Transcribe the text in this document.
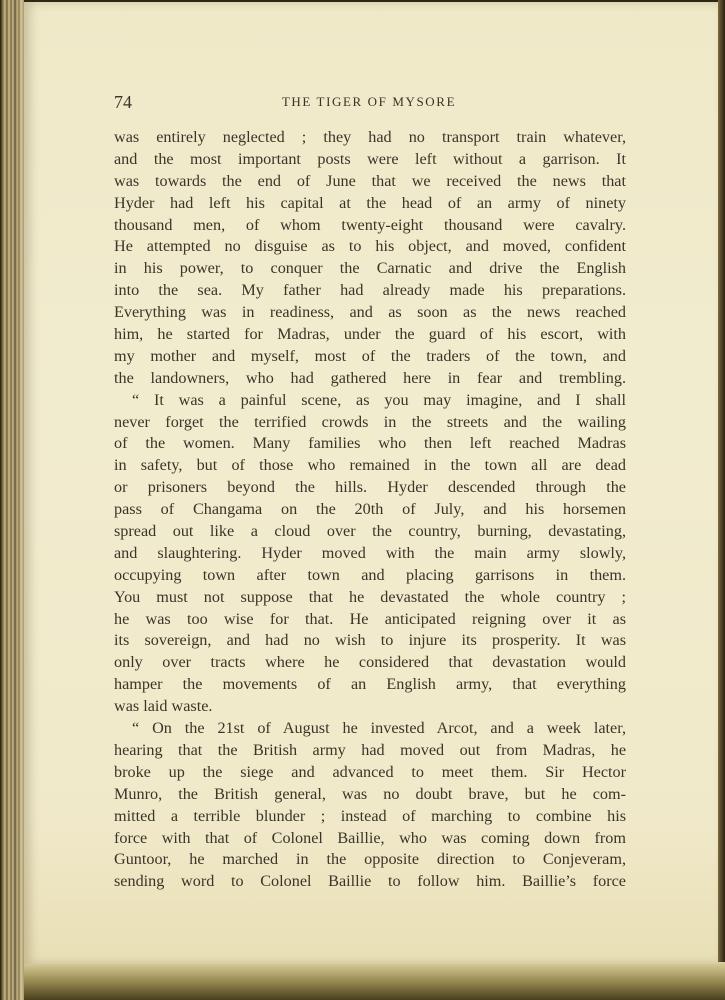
74	THE TIGER OF MYSORE
was entirely neglected ; they had no transport train whatever,
and the most important posts were left without a garrison. It
was towards the end of June that we received the news that
Hyder had left his capital at the head of an army of ninety
thousand men, of whom twenty-eight thousand were cavalry.
He attempted no disguise as to his object, and moved, confident
in his power, to conquer the Carnatic and drive the English
into the sea. My father had already made his preparations.
Everything was in readiness, and as soon as the news reached
him, he started for Madras, under the guard of his escort, with
my mother and myself, most of the traders of the town, and
the landowners, who had gathered here in fear and trembling.
“ It was a painful scene, as you may imagine, and I shall
never forget the terrified crowds in the streets and the wailing
of the women. Many families who then left reached Madras
in safety, but of those who remained in the town all are dead
or prisoners beyond the hills. Hyder descended through the
pass of Changama on the 20th of July, and his horsemen
spread out like a cloud over the country, burning, devastating,
and slaughtering. Hyder moved with the main army slowly,
occupying town after town and placing garrisons in them.
You must not suppose that he devastated the whole country ;
he was too wise for that. He anticipated reigning over it as
its sovereign, and had no wish to injure its prosperity. It was
only over tracts where he considered that devastation would
hamper the movements of an English army, that everything
was laid waste.
“ On the 21st of August he invested Arcot, and a week later,
hearing that the British army had moved out from Madras, he
broke up the siege and advanced to meet them. Sir Hector
Munro, the British general, was no doubt brave, but he com-
mitted a terrible blunder ; instead of marching to combine his
force with that of Colonel Baillie, who was coming down from
Guntoor, he marched in the opposite direction to Conjeveram,
sending word to Colonel Baillie to follow him. Baillie’s force
